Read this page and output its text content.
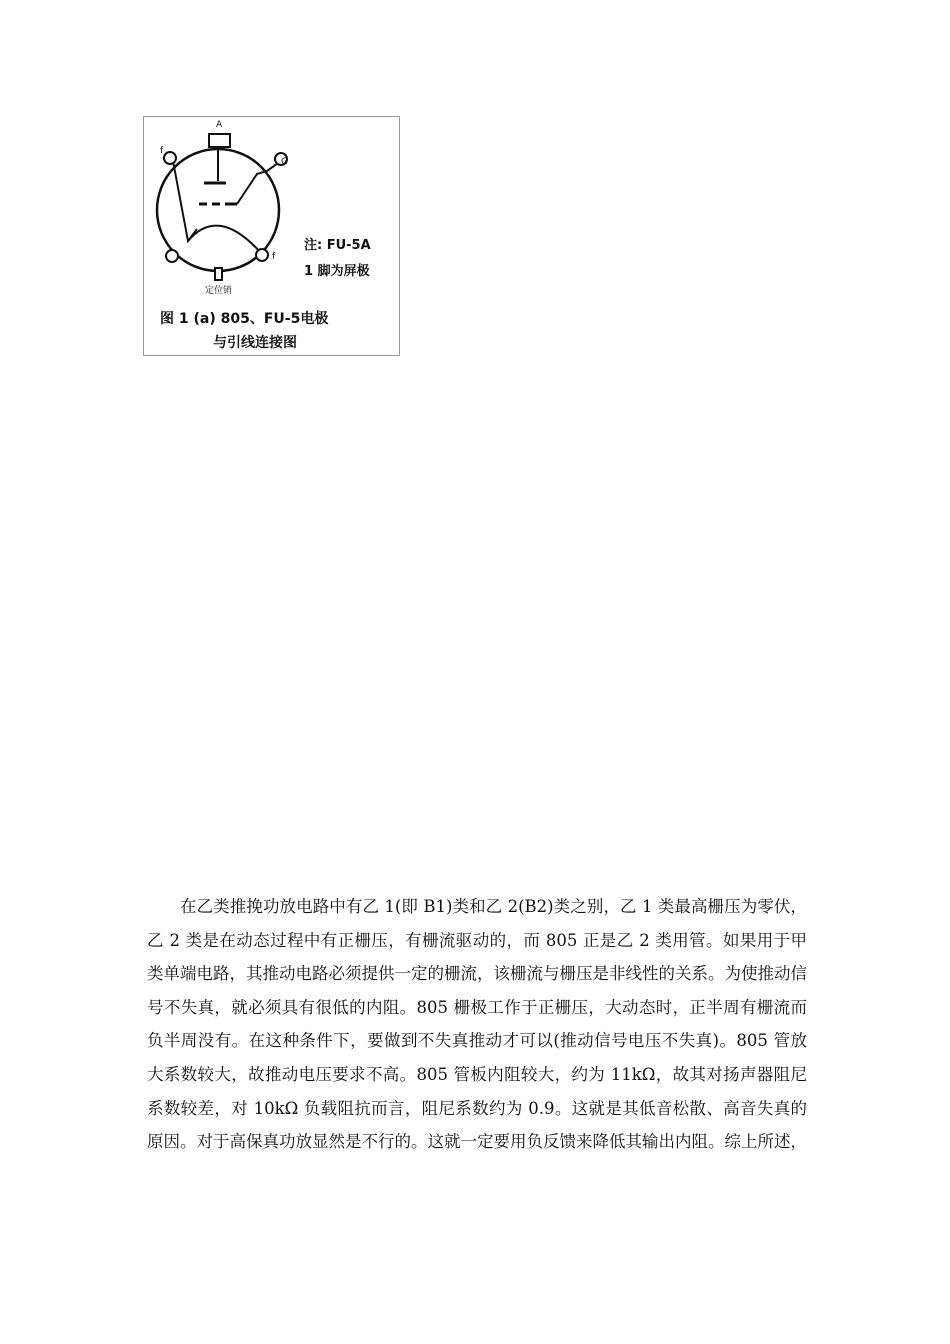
A
f
G
f
定位销
注: FU-5A
1 脚为屏极
图 1 (a) 805、FU-5电极
与引线连接图

在乙类推挽功放电路中有乙 1(即 B1)类和乙 2(B2)类之别，乙 1 类最高栅压为零伏，乙 2 类是在动态过程中有正栅压，有栅流驱动的，而 805 正是乙 2 类用管。如果用于甲类单端电路，其推动电路必须提供一定的栅流，该栅流与栅压是非线性的关系。为使推动信号不失真，就必须具有很低的内阻。805 栅极工作于正栅压，大动态时，正半周有栅流而负半周没有。在这种条件下，要做到不失真推动才可以(推动信号电压不失真)。805 管放大系数较大，故推动电压要求不高。805 管板内阻较大，约为 11kΩ，故其对扬声器阻尼系数较差，对 10kΩ 负载阻抗而言，阻尼系数约为 0.9。这就是其低音松散、高音失真的原因。对于高保真功放显然是不行的。这就一定要用负反馈来降低其输出内阻。综上所述，
